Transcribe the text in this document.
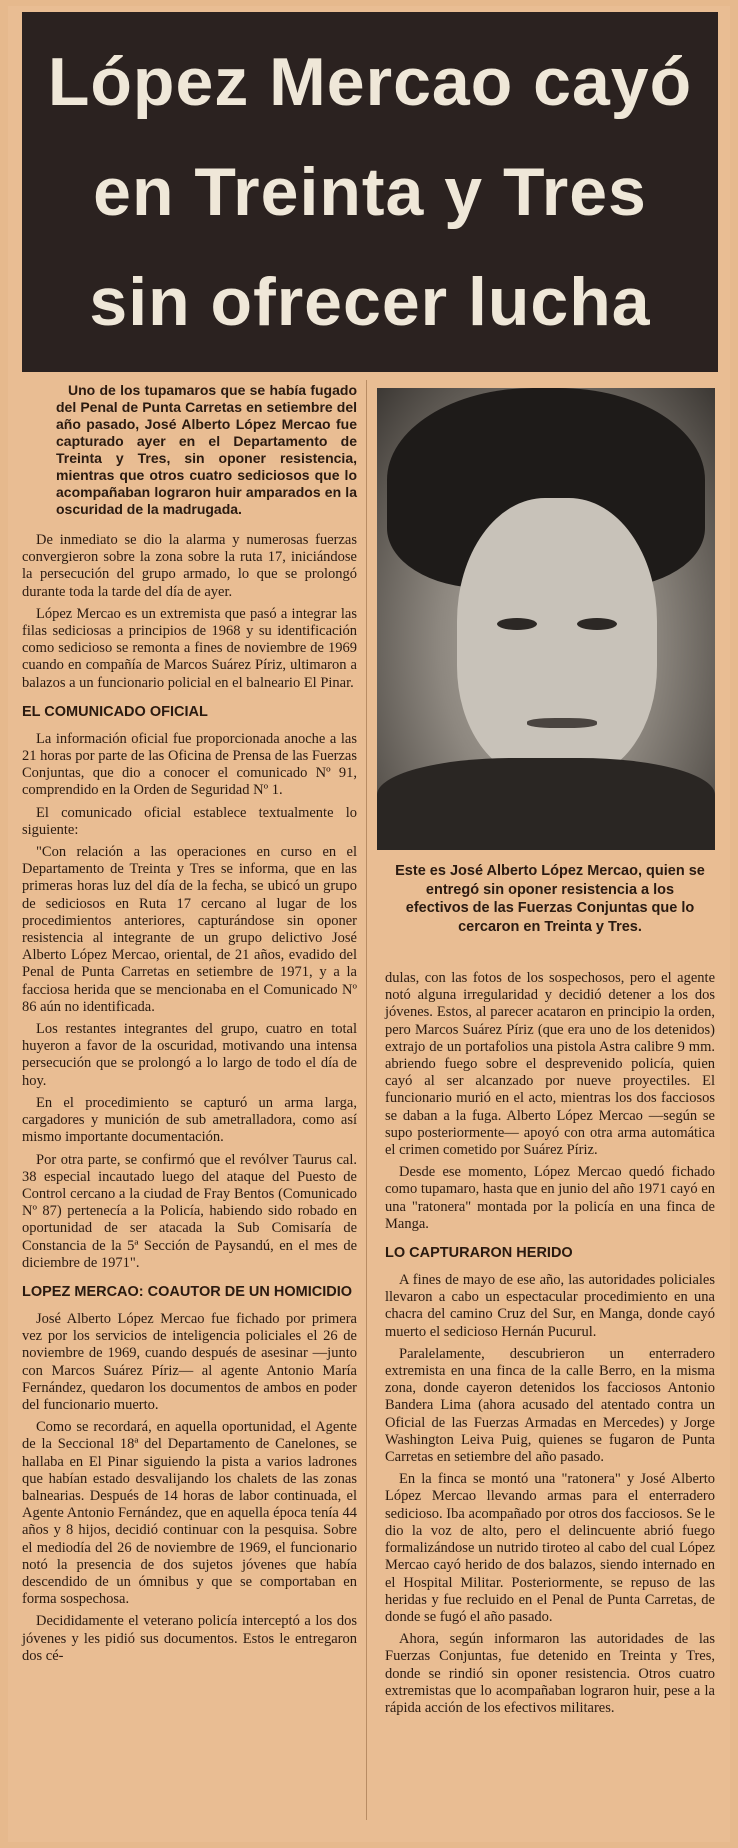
López Mercao cayó
en Treinta y Tres
sin ofrecer lucha

Uno de los tupamaros que se había fugado del Penal de Punta Carretas en setiembre del año pasado, José Alberto López Mercao fue capturado ayer en el Departamento de Treinta y Tres, sin oponer resistencia, mientras que otros cuatro sediciosos que lo acompañaban lograron huir amparados en la oscuridad de la madrugada.

De inmediato se dio la alarma y numerosas fuerzas convergieron sobre la zona sobre la ruta 17, iniciándose la persecución del grupo armado, lo que se prolongó durante toda la tarde del día de ayer.

López Mercao es un extremista que pasó a integrar las filas sediciosas a principios de 1968 y su identificación como sedicioso se remonta a fines de noviembre de 1969 cuando en compañía de Marcos Suárez Píriz, ultimaron a balazos a un funcionario policial en el balneario El Pinar.

EL COMUNICADO OFICIAL

La información oficial fue proporcionada anoche a las 21 horas por parte de las Oficina de Prensa de las Fuerzas Conjuntas, que dio a conocer el comunicado Nº 91, comprendido en la Orden de Seguridad Nº 1.

El comunicado oficial establece textualmente lo siguiente:

"Con relación a las operaciones en curso en el Departamento de Treinta y Tres se informa, que en las primeras horas luz del día de la fecha, se ubicó un grupo de sediciosos en Ruta 17 cercano al lugar de los procedimientos anteriores, capturándose sin oponer resistencia al integrante de un grupo delictivo José Alberto López Mercao, oriental, de 21 años, evadido del Penal de Punta Carretas en setiembre de 1971, y a la facciosa herida que se mencionaba en el Comunicado Nº 86 aún no identificada.

Los restantes integrantes del grupo, cuatro en total huyeron a favor de la oscuridad, motivando una intensa persecución que se prolongó a lo largo de todo el día de hoy.

En el procedimiento se capturó un arma larga, cargadores y munición de sub ametralladora, como así mismo importante documentación.

Por otra parte, se confirmó que el revólver Taurus cal. 38 especial incautado luego del ataque del Puesto de Control cercano a la ciudad de Fray Bentos (Comunicado Nº 87) pertenecía a la Policía, habiendo sido robado en oportunidad de ser atacada la Sub Comisaría de Constancia de la 5ª Sección de Paysandú, en el mes de diciembre de 1971".

LOPEZ MERCAO: COAUTOR DE UN HOMICIDIO

José Alberto López Mercao fue fichado por primera vez por los servicios de inteligencia policiales el 26 de noviembre de 1969, cuando después de asesinar —junto con Marcos Suárez Píriz— al agente Antonio María Fernández, quedaron los documentos de ambos en poder del funcionario muerto.

Como se recordará, en aquella oportunidad, el Agente de la Seccional 18ª del Departamento de Canelones, se hallaba en El Pinar siguiendo la pista a varios ladrones que habían estado desvalijando los chalets de las zonas balnearias. Después de 14 horas de labor continuada, el Agente Antonio Fernández, que en aquella época tenía 44 años y 8 hijos, decidió continuar con la pesquisa. Sobre el mediodía del 26 de noviembre de 1969, el funcionario notó la presencia de dos sujetos jóvenes que había descendido de un ómnibus y que se comportaban en forma sospechosa.

Decididamente el veterano policía interceptó a los dos jóvenes y les pidió sus documentos. Estos le entregaron dos cé-

Este es José Alberto López Mercao, quien se entregó sin oponer resistencia a los efectivos de las Fuerzas Conjuntas que lo cercaron en Treinta y Tres.

dulas, con las fotos de los sospechosos, pero el agente notó alguna irregularidad y decidió detener a los dos jóvenes. Estos, al parecer acataron en principio la orden, pero Marcos Suárez Píriz (que era uno de los detenidos) extrajo de un portafolios una pistola Astra calibre 9 mm. abriendo fuego sobre el desprevenido policía, quien cayó al ser alcanzado por nueve proyectiles. El funcionario murió en el acto, mientras los dos facciosos se daban a la fuga. Alberto López Mercao —según se supo posteriormente— apoyó con otra arma automática el crimen cometido por Suárez Píriz.

Desde ese momento, López Mercao quedó fichado como tupamaro, hasta que en junio del año 1971 cayó en una "ratonera" montada por la policía en una finca de Manga.

LO CAPTURARON HERIDO

A fines de mayo de ese año, las autoridades policiales llevaron a cabo un espectacular procedimiento en una chacra del camino Cruz del Sur, en Manga, donde cayó muerto el sedicioso Hernán Pucurul.

Paralelamente, descubrieron un enterradero extremista en una finca de la calle Berro, en la misma zona, donde cayeron detenidos los facciosos Antonio Bandera Lima (ahora acusado del atentado contra un Oficial de las Fuerzas Armadas en Mercedes) y Jorge Washington Leiva Puig, quienes se fugaron de Punta Carretas en setiembre del año pasado.

En la finca se montó una "ratonera" y José Alberto López Mercao llevando armas para el enterradero sedicioso. Iba acompañado por otros dos facciosos. Se le dio la voz de alto, pero el delincuente abrió fuego formalizándose un nutrido tiroteo al cabo del cual López Mercao cayó herido de dos balazos, siendo internado en el Hospital Militar. Posteriormente, se repuso de las heridas y fue recluido en el Penal de Punta Carretas, de donde se fugó el año pasado.

Ahora, según informaron las autoridades de las Fuerzas Conjuntas, fue detenido en Treinta y Tres, donde se rindió sin oponer resistencia. Otros cuatro extremistas que lo acompañaban lograron huir, pese a la rápida acción de los efectivos militares.
